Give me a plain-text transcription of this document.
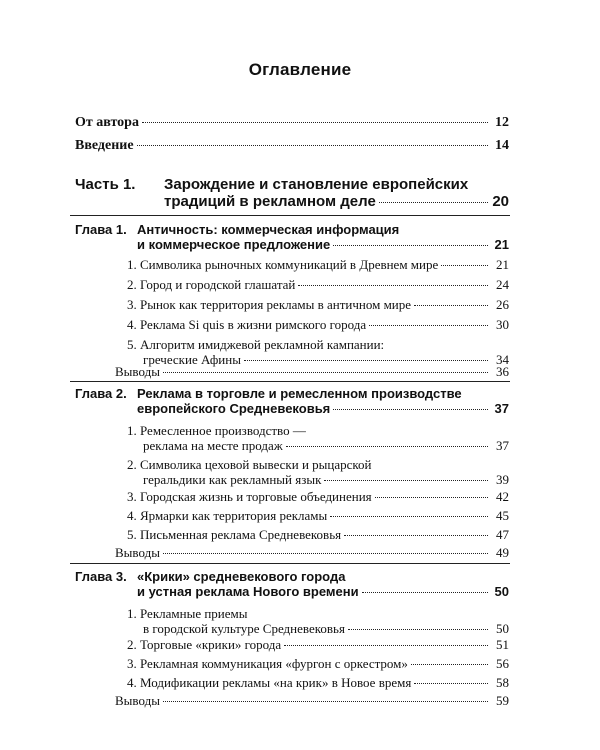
Оглавление
От автора	12
Введение	14
Часть 1. Зарождение и становление европейских
традиций в рекламном деле	20
Глава 1. Античность: коммерческая информация
и коммерческое предложение	21
1. Символика рыночных коммуникаций в Древнем мире	21
2. Город и городской глашатай	24
3. Рынок как территория рекламы в античном мире	26
4. Реклама Si quis в жизни римского города	30
5. Алгоритм имиджевой рекламной кампании:
греческие Афины	34
Выводы	36
Глава 2. Реклама в торговле и ремесленном производстве
европейского Средневековья	37
1. Ремесленное производство —
реклама на месте продаж	37
2. Символика цеховой вывески и рыцарской
геральдики как рекламный язык	39
3. Городская жизнь и торговые объединения	42
4. Ярмарки как территория рекламы	45
5. Письменная реклама Средневековья	47
Выводы	49
Глава 3. «Крики» средневекового города
и устная реклама Нового времени	50
1. Рекламные приемы
в городской культуре Средневековья	50
2. Торговые «крики» города	51
3. Рекламная коммуникация «фургон с оркестром»	56
4. Модификации рекламы «на крик» в Новое время	58
Выводы	59
